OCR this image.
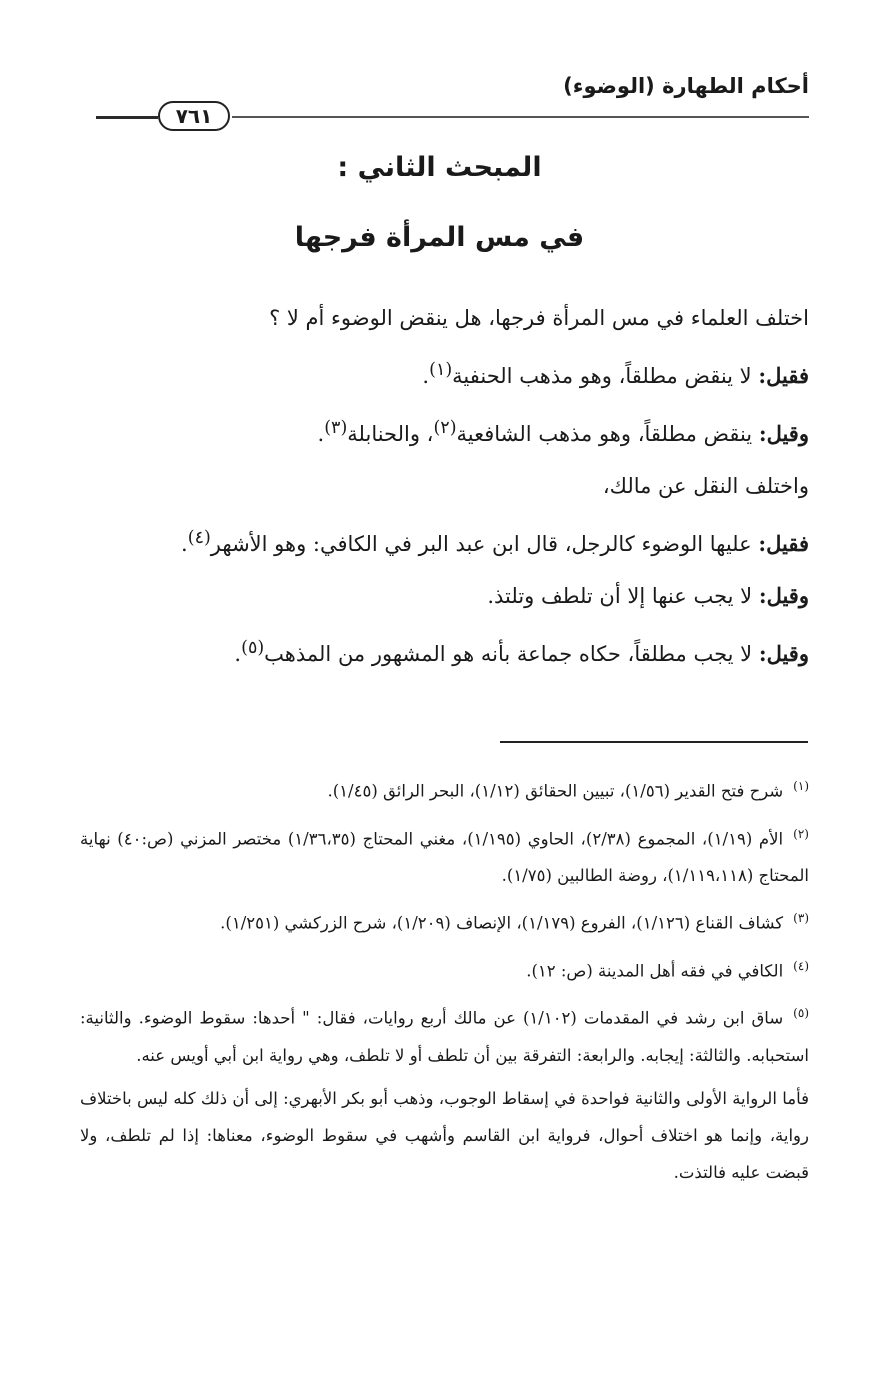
أحكام الطهارة (الوضوء)
٧٦١
المبحث الثاني :
في مس المرأة فرجها

اختلف العلماء في مس المرأة فرجها، هل ينقض الوضوء أم لا ؟

فقيل: لا ينقض مطلقاً، وهو مذهب الحنفية$^{(١)}$.

وقيل: ينقض مطلقاً، وهو مذهب الشافعية$^{(٢)}$، والحنابلة$^{(٣)}$.

واختلف النقل عن مالك،

فقيل: عليها الوضوء كالرجل، قال ابن عبد البر في الكافي: وهو الأشهر$^{(٤)}$.

وقيل: لا يجب عنها إلا أن تلطف وتلتذ.

وقيل: لا يجب مطلقاً، حكاه جماعة بأنه هو المشهور من المذهب$^{(٥)}$.

$^{(١)}$شرح فتح القدير (١/٥٦)، تبيين الحقائق (١/١٢)، البحر الرائق (١/٤٥).

$^{(٢)}$الأم (١/١٩)، المجموع (٢/٣٨)، الحاوي (١/١٩٥)، مغني المحتاج (١/٣٦،٣٥) مختصر المزني (ص:٤٠) نهاية المحتاج (١/١١٩،١١٨)، روضة الطالبين (١/٧٥).

$^{(٣)}$كشاف القناع (١/١٢٦)، الفروع (١/١٧٩)، الإنصاف (١/٢٠٩)، شرح الزركشي (١/٢٥١).

$^{(٤)}$الكافي في فقه أهل المدينة (ص: ١٢).

$^{(٥)}$ساق ابن رشد في المقدمات (١/١٠٢) عن مالك أربع روايات، فقال: " أحدها: سقوط الوضوء. والثانية: استحبابه. والثالثة: إيجابه. والرابعة: التفرقة بين أن تلطف أو لا تلطف، وهي رواية ابن أبي أويس عنه.

فأما الرواية الأولى والثانية فواحدة في إسقاط الوجوب، وذهب أبو بكر الأبهري: إلى أن ذلك كله ليس باختلاف رواية، وإنما هو اختلاف أحوال، فرواية ابن القاسم وأشهب في سقوط الوضوء، معناها: إذا لم تلطف، ولا قبضت عليه فالتذت.
